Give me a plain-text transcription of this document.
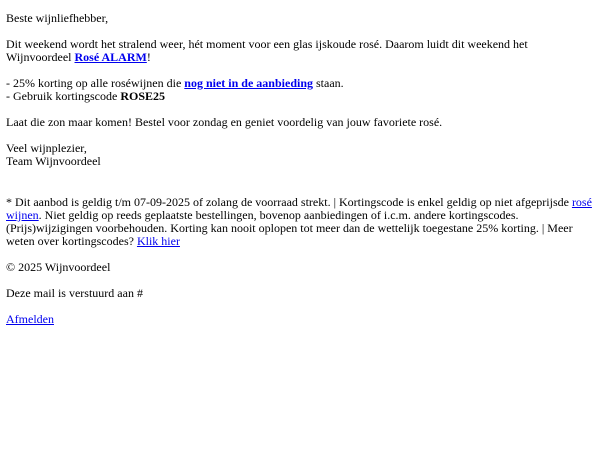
Beste wijnliefhebber,

Dit weekend wordt het stralend weer, hét moment voor een glas ijskoude rosé. Daarom luidt dit weekend het Wijnvoordeel Rosé ALARM!

- 25% korting op alle roséwijnen die nog niet in de aanbieding staan.
- Gebruik kortingscode ROSE25

Laat die zon maar komen! Bestel voor zondag en geniet voordelig van jouw favoriete rosé.

Veel wijnplezier,
Team Wijnvoordeel

* Dit aanbod is geldig t/m 07-09-2025 of zolang de voorraad strekt. | Kortingscode is enkel geldig op niet afgeprijsde rosé wijnen. Niet geldig op reeds geplaatste bestellingen, bovenop aanbiedingen of i.c.m. andere kortingscodes. (Prijs)wijzigingen voorbehouden. Korting kan nooit oplopen tot meer dan de wettelijk toegestane 25% korting. | Meer weten over kortingscodes? Klik hier

© 2025 Wijnvoordeel

Deze mail is verstuurd aan #

Afmelden
